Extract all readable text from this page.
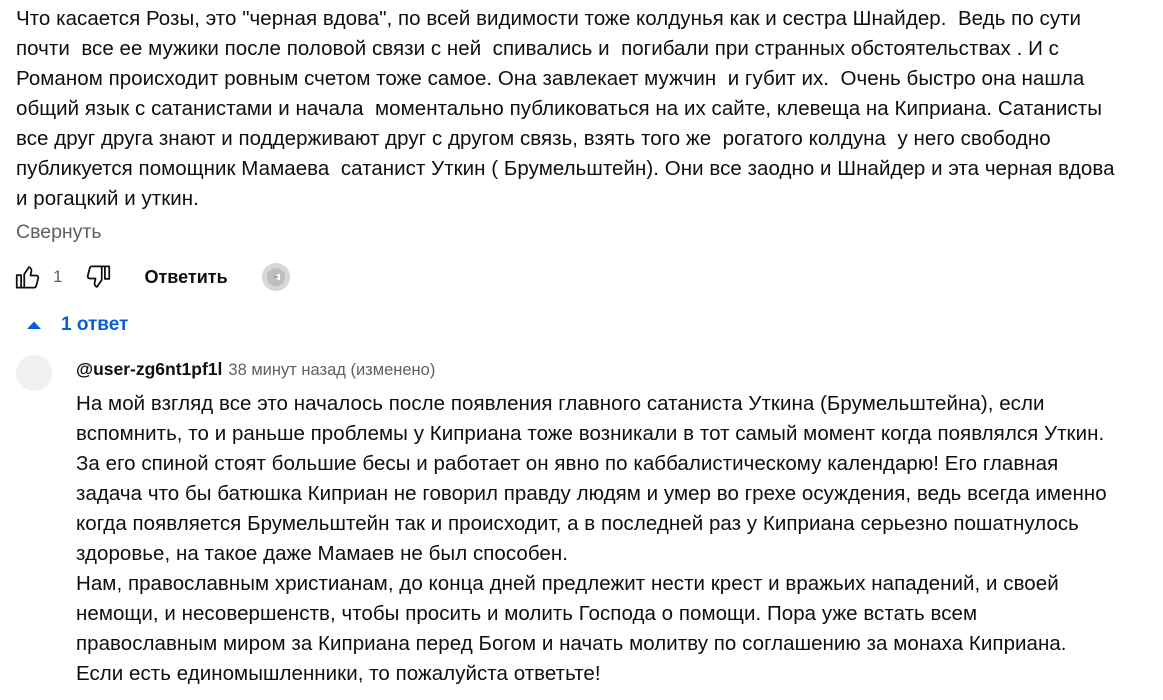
Что касается Розы, это "черная вдова", по всей видимости тоже колдунья как и сестра Шнайдер.  Ведь по сути
почти  все ее мужики после половой связи с ней  спивались и  погибали при странных обстоятельствах . И с
Романом происходит ровным счетом тоже самое. Она завлекает мужчин  и губит их.  Очень быстро она нашла
общий язык с сатанистами и начала  моментально публиковаться на их сайте, клевеща на Киприана. Сатанисты
все друг друга знают и поддерживают друг с другом связь, взять того же  рогатого колдуна  у него свободно
публикуется помощник Мамаева  сатанист Уткин ( Брумельштейн). Они все заодно и Шнайдер и эта черная вдова
и рогацкий и уткин.

Свернуть
1	Ответить
1 ответ
@user-zg6nt1pf1l 38 минут назад (изменено)

На мой взгляд все это началось после появления главного сатаниста Уткина (Брумельштейна), если
вспомнить, то и раньше проблемы у Киприана тоже возникали в тот самый момент когда появлялся Уткин.
За его спиной стоят большие бесы и работает он явно по каббалистическому календарю! Его главная
задача что бы батюшка Киприан не говорил правду людям и умер во грехе осуждения, ведь всегда именно
когда появляется Брумельштейн так и происходит, а в последней раз у Киприана серьезно пошатнулось
здоровье, на такое даже Мамаев не был способен.
Нам, православным христианам, до конца дней предлежит нести крест и вражьих нападений, и своей
немощи, и несовершенств, чтобы просить и молить Господа о помощи. Пора уже встать всем
православным миром за Киприана перед Богом и начать молитву по соглашению за монаха Киприана.
Если есть единомышленники, то пожалуйста ответьте!
